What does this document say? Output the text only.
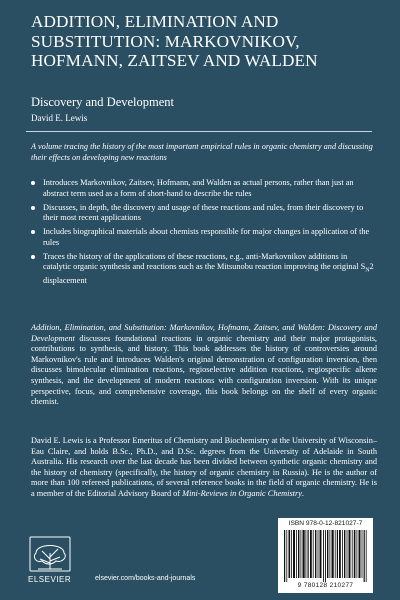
ADDITION, ELIMINATION AND
SUBSTITUTION: MARKOVNIKOV,
HOFMANN, ZAITSEV AND WALDEN
Discovery and Development
David E. Lewis
A volume tracing the history of the most important empirical rules in organic chemistry and discussing their effects on developing new reactions
Introduces Markovnikov, Zaitsev, Hofmann, and Walden as actual persons, rather than just an abstract term used as a form of short-hand to describe the rules
Discusses, in depth, the discovery and usage of these reactions and rules, from their discovery to their most recent applications
Includes biographical materials about chemists responsible for major changes in application of the rules
Traces the history of the applications of these reactions, e.g., anti-Markovnikov additions in catalytic organic synthesis and reactions such as the Mitsunobu reaction improving the original $S_N2$ displacement
Addition, Elimination, and Substitution: Markovnikov, Hofmann, Zaitsev, and Walden: Discovery and Development discusses foundational reactions in organic chemistry and their major protagonists, contributions to synthesis, and history. This book addresses the history of controversies around Markovnikov's rule and introduces Walden's original demonstration of configuration inversion, then discusses bimolecular elimination reactions, regioselective addition reactions, regiospecific alkene synthesis, and the development of modern reactions with configuration inversion. With its unique perspective, focus, and comprehensive coverage, this book belongs on the shelf of every organic chemist.
David E. Lewis is a Professor Emeritus of Chemistry and Biochemistry at the University of Wisconsin–Eau Claire, and holds B.Sc., Ph.D., and D.Sc. degrees from the University of Adelaide in South Australia. His research over the last decade has been divided between synthetic organic chemistry and the history of chemistry (specifically, the history of organic chemistry in Russia). He is the author of more than 100 refereed publications, of several reference books in the field of organic chemistry. He is a member of the Editorial Advisory Board of Mini-Reviews in Organic Chemistry.
ELSEVIER	elsevier.com/books-and-journals
ISBN 978-0-12-821027-7
9 780128 210277
